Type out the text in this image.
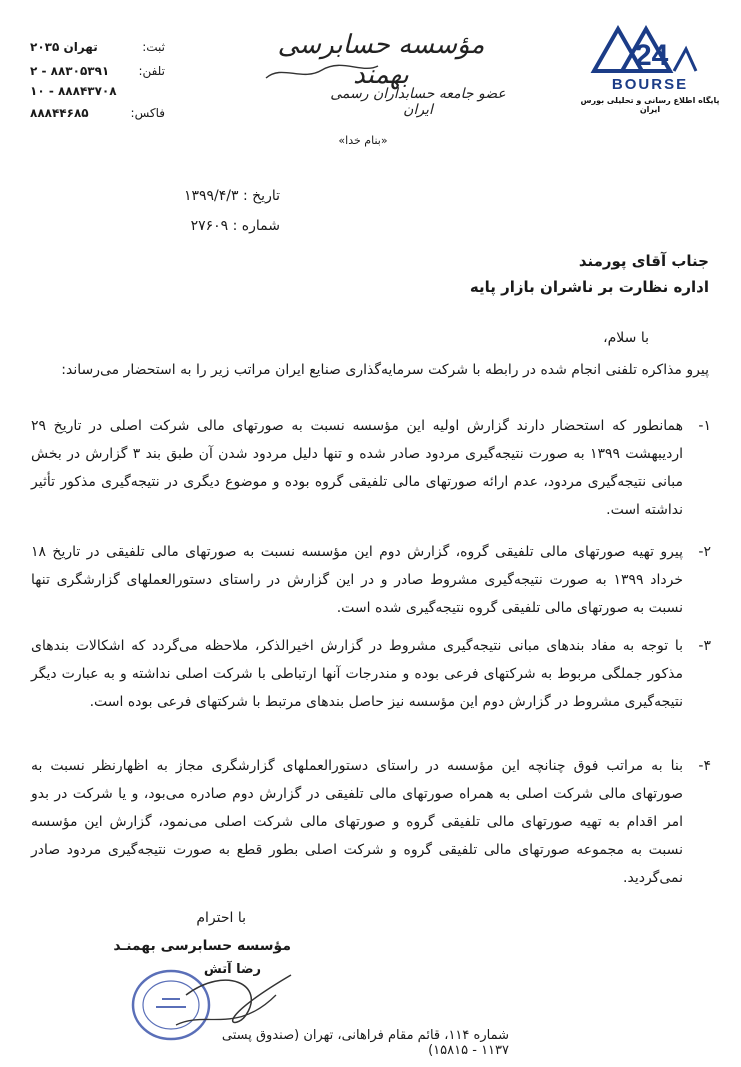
ثبت:
۲۰۳۵ تهران
تلفن:
۲ - ۸۸۳۰۵۳۹۱
۱۰ - ۸۸۸۴۳۷۰۸
فاکس:
۸۸۸۴۴۶۸۵
مؤسسه حسابرسی بهمند
عضو جامعه حسابداران رسمی ایران
«بنام خدا»
24
BOURSE
پایگاه اطلاع رسانی و تحلیلی بورس ایران
تاریخ : ۱۳۹۹/۴/۳
شماره : ۲۷۶۰۹
جناب آقای پورمند
اداره نظارت بر ناشران بازار پایه
با سلام،
پیرو مذاکره تلفنی انجام شده در رابطه با شرکت سرمایه‌گذاری صنایع ایران مراتب زیر را به استحضار می‌رساند:
۱-
همانطور که استحضار دارند گزارش اولیه این مؤسسه نسبت به صورتهای مالی شرکت اصلی در تاریخ ۲۹ اردیبهشت ۱۳۹۹ به صورت نتیجه‌گیری مردود صادر شده و تنها دلیل مردود شدن آن طبق بند ۳ گزارش در بخش مبانی نتیجه‌گیری مردود، عدم ارائه صورتهای مالی تلفیقی گروه بوده و موضوع دیگری در نتیجه‌گیری مذکور تأثیر نداشته است.
۲-
پیرو تهیه صورتهای مالی تلفیقی گروه، گزارش دوم این مؤسسه نسبت به صورتهای مالی تلفیقی در تاریخ ۱۸ خرداد ۱۳۹۹ به صورت نتیجه‌گیری مشروط صادر و در این گزارش در راستای دستورالعملهای گزارشگری تنها نسبت به صورتهای مالی تلفیقی گروه نتیجه‌گیری شده است.
۳-
با توجه به مفاد بندهای مبانی نتیجه‌گیری مشروط در گزارش اخیرالذکر، ملاحظه می‌گردد که اشکالات بندهای مذکور جملگی مربوط به شرکتهای فرعی بوده و مندرجات آنها ارتباطی با شرکت اصلی نداشته و به عبارت دیگر نتیجه‌گیری مشروط در گزارش دوم این مؤسسه نیز حاصل بندهای مرتبط با شرکتهای فرعی بوده است.
۴-
بنا به مراتب فوق چنانچه این مؤسسه در راستای دستورالعملهای گزارشگری مجاز به اظهارنظر نسبت به صورتهای مالی شرکت اصلی به همراه صورتهای مالی تلفیقی در گزارش دوم صادره می‌بود، و یا شرکت در بدو امر اقدام به تهیه صورتهای مالی تلفیقی گروه و صورتهای مالی شرکت اصلی می‌نمود، گزارش این مؤسسه نسبت به مجموعه صورتهای مالی تلفیقی گروه و شرکت اصلی بطور قطع به صورت نتیجه‌گیری مردود صادر نمی‌گردید.
با احترام
مؤسسه حسابرسی بهمنـد
رضا آتش
شماره ۱۱۴، قائم مقام فراهانی، تهران (صندوق پستی ۱۱۳۷ - ۱۵۸۱۵)
